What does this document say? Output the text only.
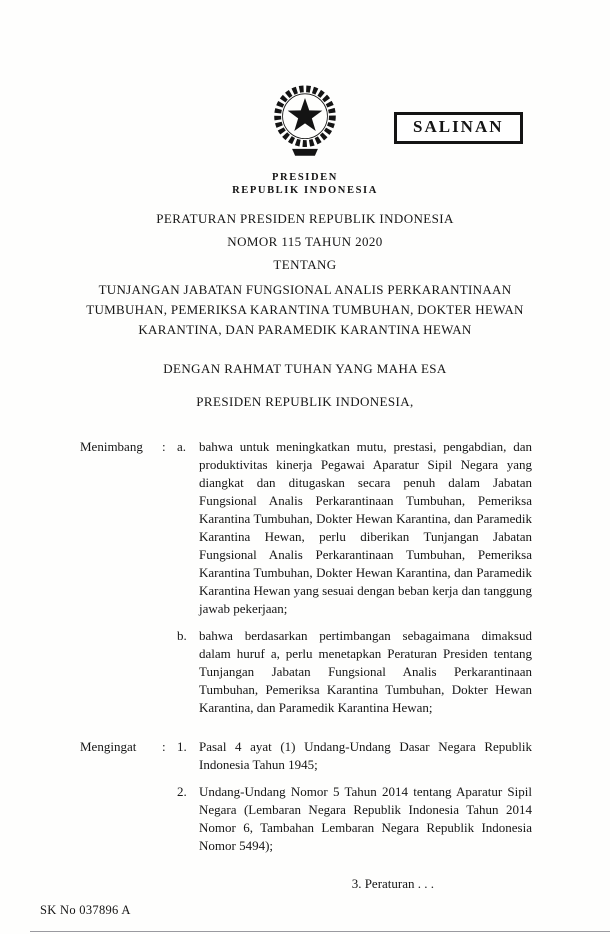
SALINAN
PRESIDEN
REPUBLIK INDONESIA
PERATURAN PRESIDEN REPUBLIK INDONESIA
NOMOR 115 TAHUN 2020
TENTANG
TUNJANGAN JABATAN FUNGSIONAL ANALIS PERKARANTINAAN
TUMBUHAN, PEMERIKSA KARANTINA TUMBUHAN, DOKTER HEWAN
KARANTINA, DAN PARAMEDIK KARANTINA HEWAN
DENGAN RAHMAT TUHAN YANG MAHA ESA
PRESIDEN REPUBLIK INDONESIA,
Menimbang	: a. bahwa untuk meningkatkan mutu, prestasi, pengabdian, dan produktivitas kinerja Pegawai Aparatur Sipil Negara yang diangkat dan ditugaskan secara penuh dalam Jabatan Fungsional Analis Perkarantinaan Tumbuhan, Pemeriksa Karantina Tumbuhan, Dokter Hewan Karantina, dan Paramedik Karantina Hewan, perlu diberikan Tunjangan Jabatan Fungsional Analis Perkarantinaan Tumbuhan, Pemeriksa Karantina Tumbuhan, Dokter Hewan Karantina, dan Paramedik Karantina Hewan yang sesuai dengan beban kerja dan tanggung jawab pekerjaan;
b. bahwa berdasarkan pertimbangan sebagaimana dimaksud dalam huruf a, perlu menetapkan Peraturan Presiden tentang Tunjangan Jabatan Fungsional Analis Perkarantinaan Tumbuhan, Pemeriksa Karantina Tumbuhan, Dokter Hewan Karantina, dan Paramedik Karantina Hewan;
Mengingat	: 1. Pasal 4 ayat (1) Undang-Undang Dasar Negara Republik Indonesia Tahun 1945;
2. Undang-Undang Nomor 5 Tahun 2014 tentang Aparatur Sipil Negara (Lembaran Negara Republik Indonesia Tahun 2014 Nomor 6, Tambahan Lembaran Negara Republik Indonesia Nomor 5494);
3. Peraturan . . .
SK No 037896 A
